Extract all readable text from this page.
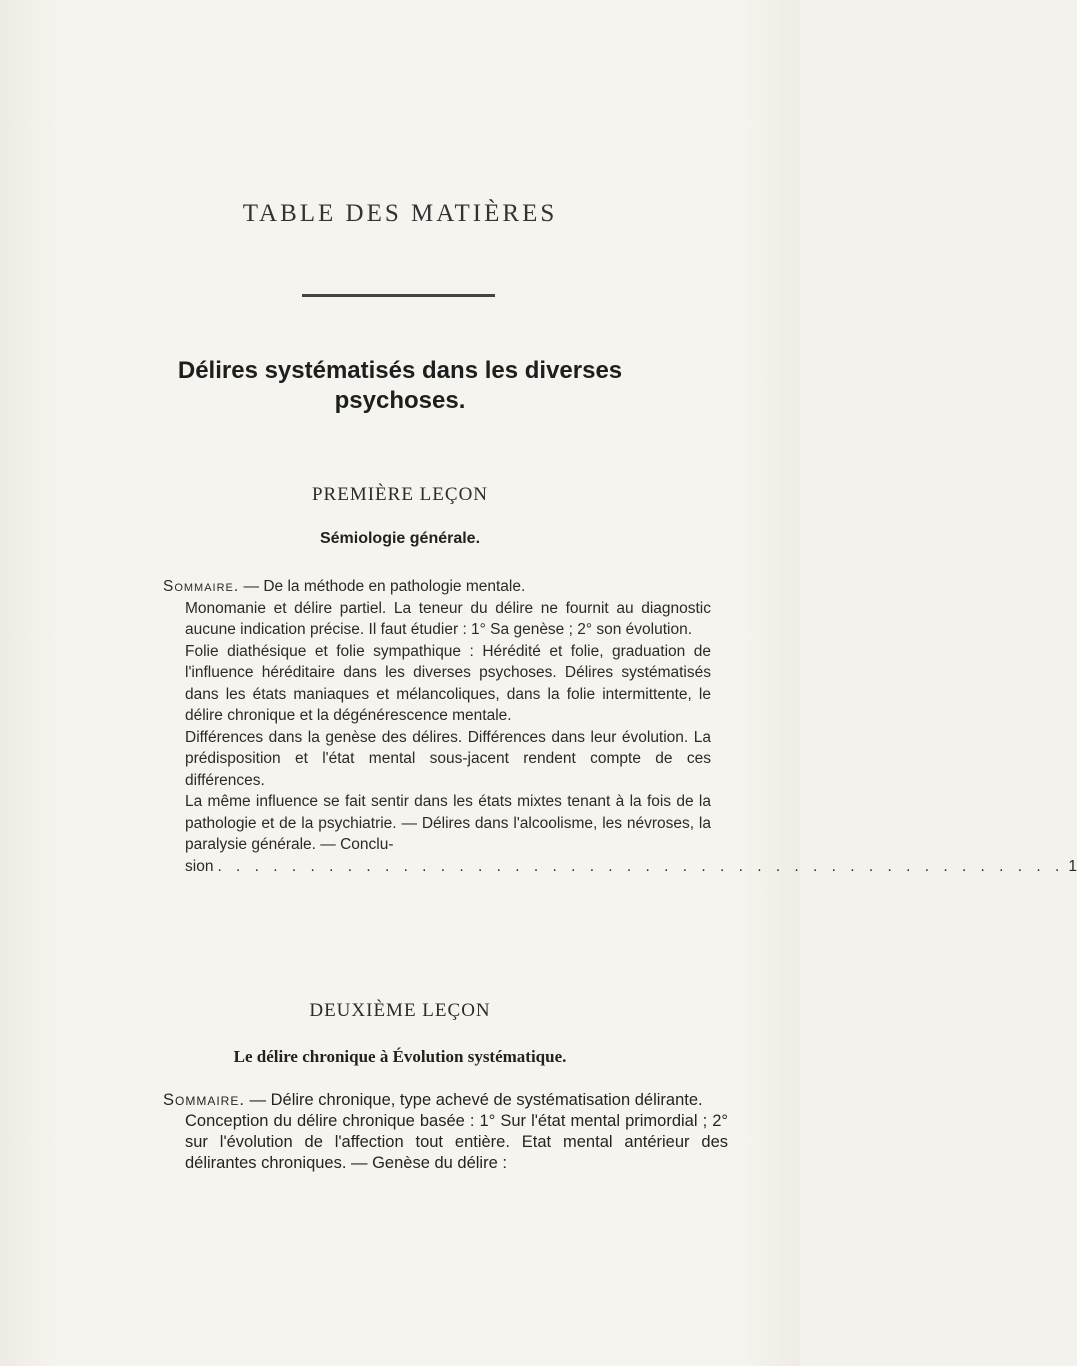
TABLE DES MATIÈRES
Délires systématisés dans les diverses
psychoses.
PREMIÈRE LEÇON
Sémiologie générale.

Sommaire. — De la méthode en pathologie mentale.

Monomanie et délire partiel. La teneur du délire ne fournit au diagnostic aucune indication précise. Il faut étudier : 1° Sa genèse ; 2° son évolution.

Folie diathésique et folie sympathique : Hérédité et folie, graduation de l'influence héréditaire dans les diverses psychoses. Délires systématisés dans les états maniaques et mélancoliques, dans la folie intermittente, le délire chronique et la dégénérescence mentale.

Différences dans la genèse des délires. Différences dans leur évolution. La prédisposition et l'état mental sous-jacent rendent compte de ces différences.

La même influence se fait sentir dans les états mixtes tenant à la fois de la pathologie et de la psychiatrie. — Délires dans l'alcoolisme, les névroses, la paralysie générale. — Conclu-

sion . . . . . . . . . . . . . . . . . . . . . . . . . . . . . . . . . . . . . . . . . . . . . . 1
DEUXIÈME LEÇON
Le délire chronique à Évolution systématique.

Sommaire. — Délire chronique, type achevé de systématisation délirante.

Conception du délire chronique basée : 1° Sur l'état mental primordial ; 2° sur l'évolution de l'affection tout entière. Etat mental antérieur des délirantes chroniques. — Genèse du délire :
